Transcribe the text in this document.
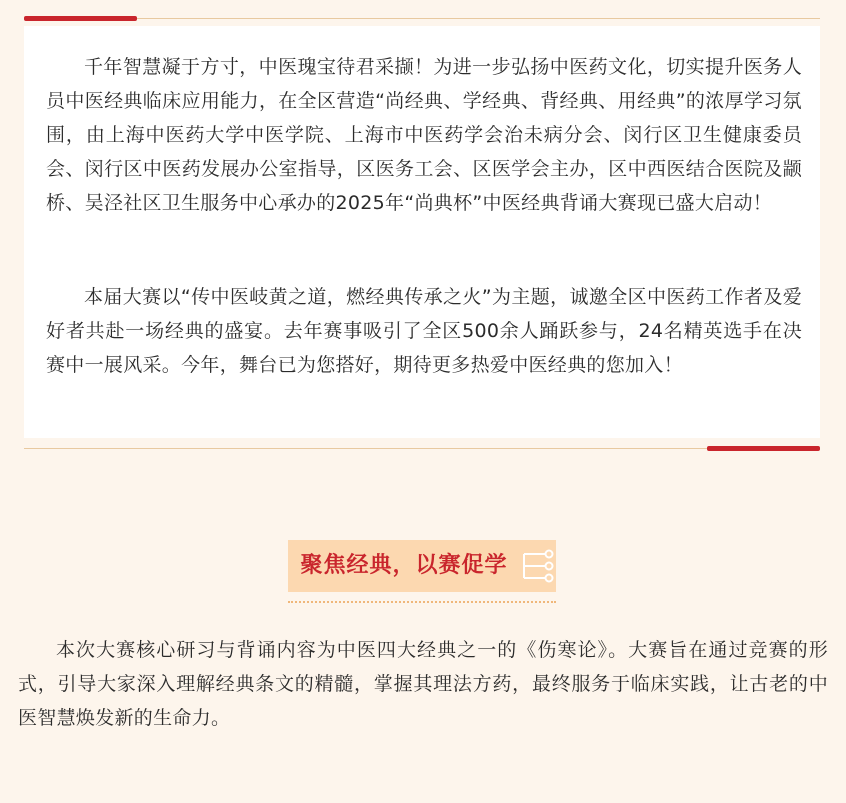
千年智慧凝于方寸，中医瑰宝待君采撷！为进一步弘扬中医药文化，切实提升医务人员中医经典临床应用能力，在全区营造“尚经典、学经典、背经典、用经典”的浓厚学习氛围，由上海中医药大学中医学院、上海市中医药学会治未病分会、闵行区卫生健康委员会、闵行区中医药发展办公室指导，区医务工会、区医学会主办，区中西医结合医院及颛桥、吴泾社区卫生服务中心承办的2025年“尚典杯”中医经典背诵大赛现已盛大启动！

本届大赛以“传中医岐黄之道，燃经典传承之火”为主题，诚邀全区中医药工作者及爱好者共赴一场经典的盛宴。去年赛事吸引了全区500余人踊跃参与，24名精英选手在决赛中一展风采。今年，舞台已为您搭好，期待更多热爱中医经典的您加入！

聚焦经典，以赛促学

本次大赛核心研习与背诵内容为中医四大经典之一的《伤寒论》。大赛旨在通过竞赛的形式，引导大家深入理解经典条文的精髓，掌握其理法方药，最终服务于临床实践，让古老的中医智慧焕发新的生命力。
